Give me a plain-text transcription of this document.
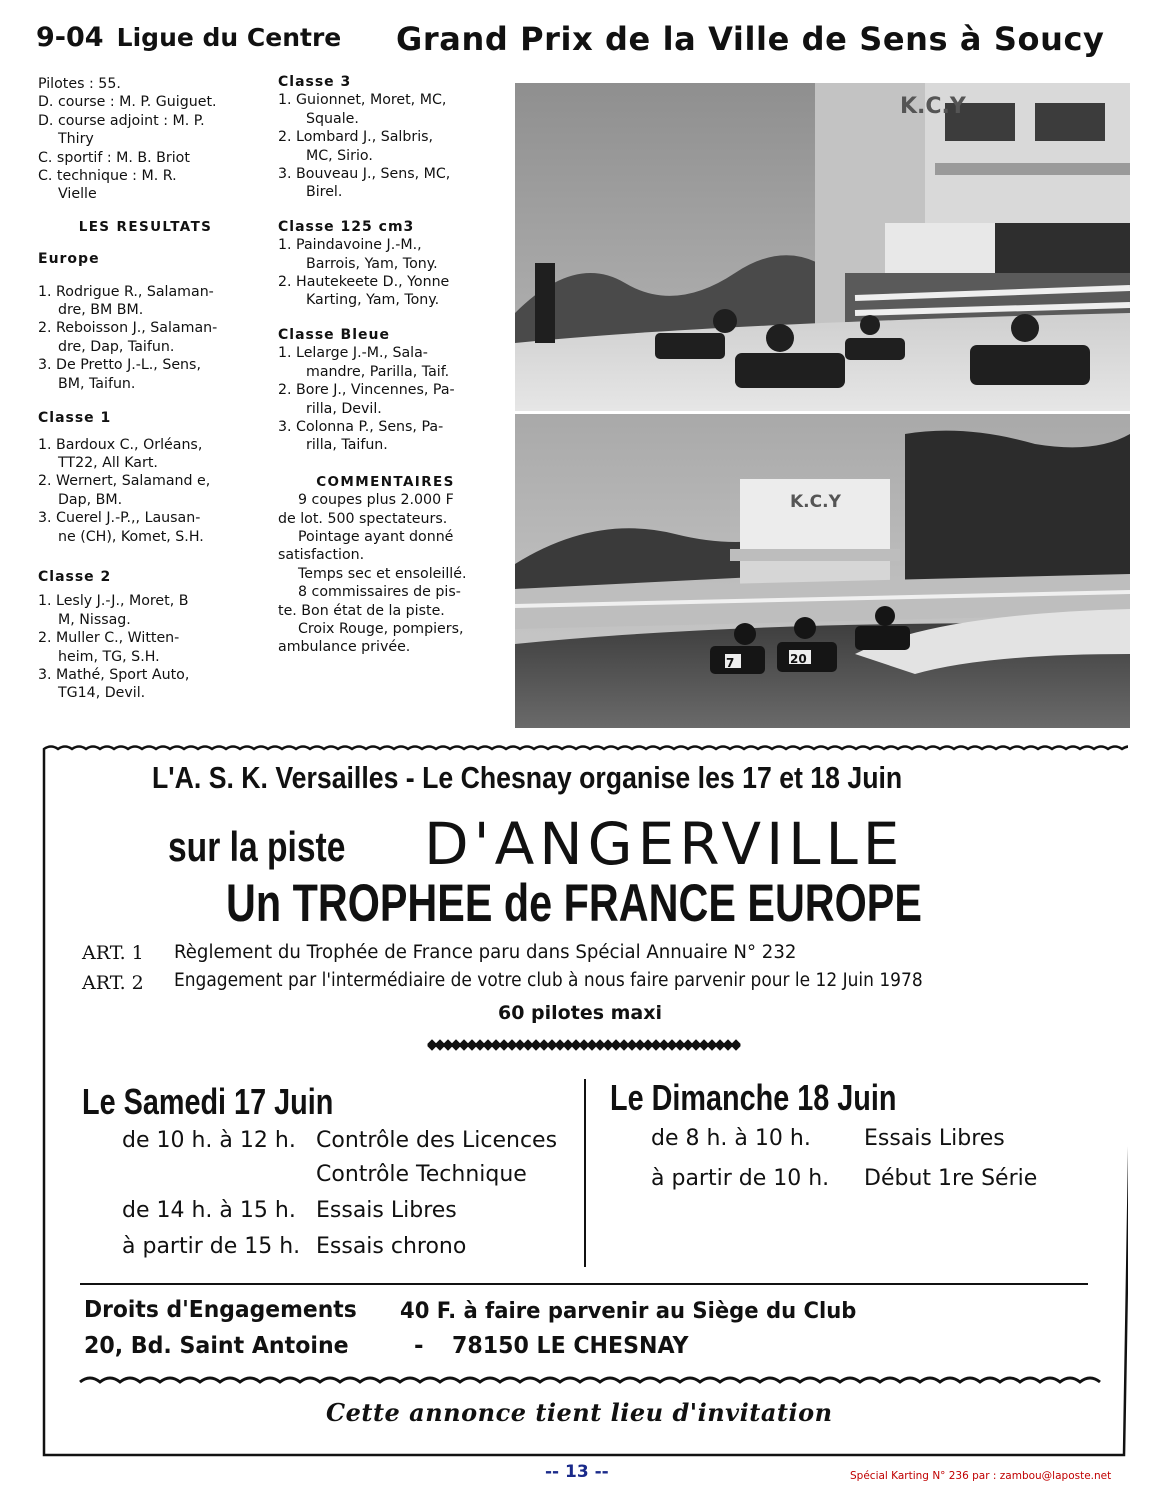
9-04 Ligue du Centre Grand Prix de la Ville de Sens à Soucy
Pilotes : 55.
D. course : M. P. Guiguet.
D. course adjoint : M. P.
Thiry
C. sportif : M. B. Briot
C. technique : M. R.
Vielle
LES RESULTATS
Europe
1. Rodrigue R., Salaman-
dre, BM BM.
2. Reboisson J., Salaman-
dre, Dap, Taifun.
3. De Pretto J.-L., Sens,
BM, Taifun.
Classe 1
1. Bardoux C., Orléans,
TT22, All Kart.
2. Wernert, Salamand e,
Dap, BM.
3. Cuerel J.-P.,, Lausan-
ne (CH), Komet, S.H.
Classe 2
1. Lesly J.-J., Moret, B
M, Nissag.
2. Muller C., Witten-
heim, TG, S.H.
3. Mathé, Sport Auto,
TG14, Devil.
Classe 3
1. Guionnet, Moret, MC,
Squale.
2. Lombard J., Salbris,
MC, Sirio.
3. Bouveau J., Sens, MC,
Birel.
Classe 125 cm3
1. Paindavoine J.-M.,
Barrois, Yam, Tony.
2. Hautekeete D., Yonne
Karting, Yam, Tony.
Classe Bleue
1. Lelarge J.-M., Sala-
mandre, Parilla, Taif.
2. Bore J., Vincennes, Pa-
rilla, Devil.
3. Colonna P., Sens, Pa-
rilla, Taifun.
COMMENTAIRES
9 coupes plus 2.000 F
de lot. 500 spectateurs.
Pointage ayant donné
satisfaction.
Temps sec et ensoleillé.
8 commissaires de pis-
te. Bon état de la piste.
Croix Rouge, pompiers,
ambulance privée.
K.C.Y
7	20
K.C.Y
L'A. S. K. Versailles - Le Chesnay organise les 17 et 18 Juin
sur la piste D'ANGERVILLE
Un TROPHEE de FRANCE EUROPE
ART. 1 Règlement du Trophée de France paru dans Spécial Annuaire N° 232
ART. 2 Engagement par l'intermédiaire de votre club à nous faire parvenir pour le 12 Juin 1978
60 pilotes maxi
Le Samedi 17 Juin
de 10 h. à 12 h. Contrôle des Licences
Contrôle Technique
de 14 h. à 15 h. Essais Libres
à partir de 15 h. Essais chrono
Le Dimanche 18 Juin
de 8 h. à 10 h. Essais Libres
à partir de 10 h. Début 1re Série
Droits d'Engagements 40 F. à faire parvenir au Siège du Club
20, Bd. Saint Antoine	- 78150 LE CHESNAY
Cette annonce tient lieu d'invitation
-- 13 --	Spécial Karting N° 236 par : zambou@laposte.net
